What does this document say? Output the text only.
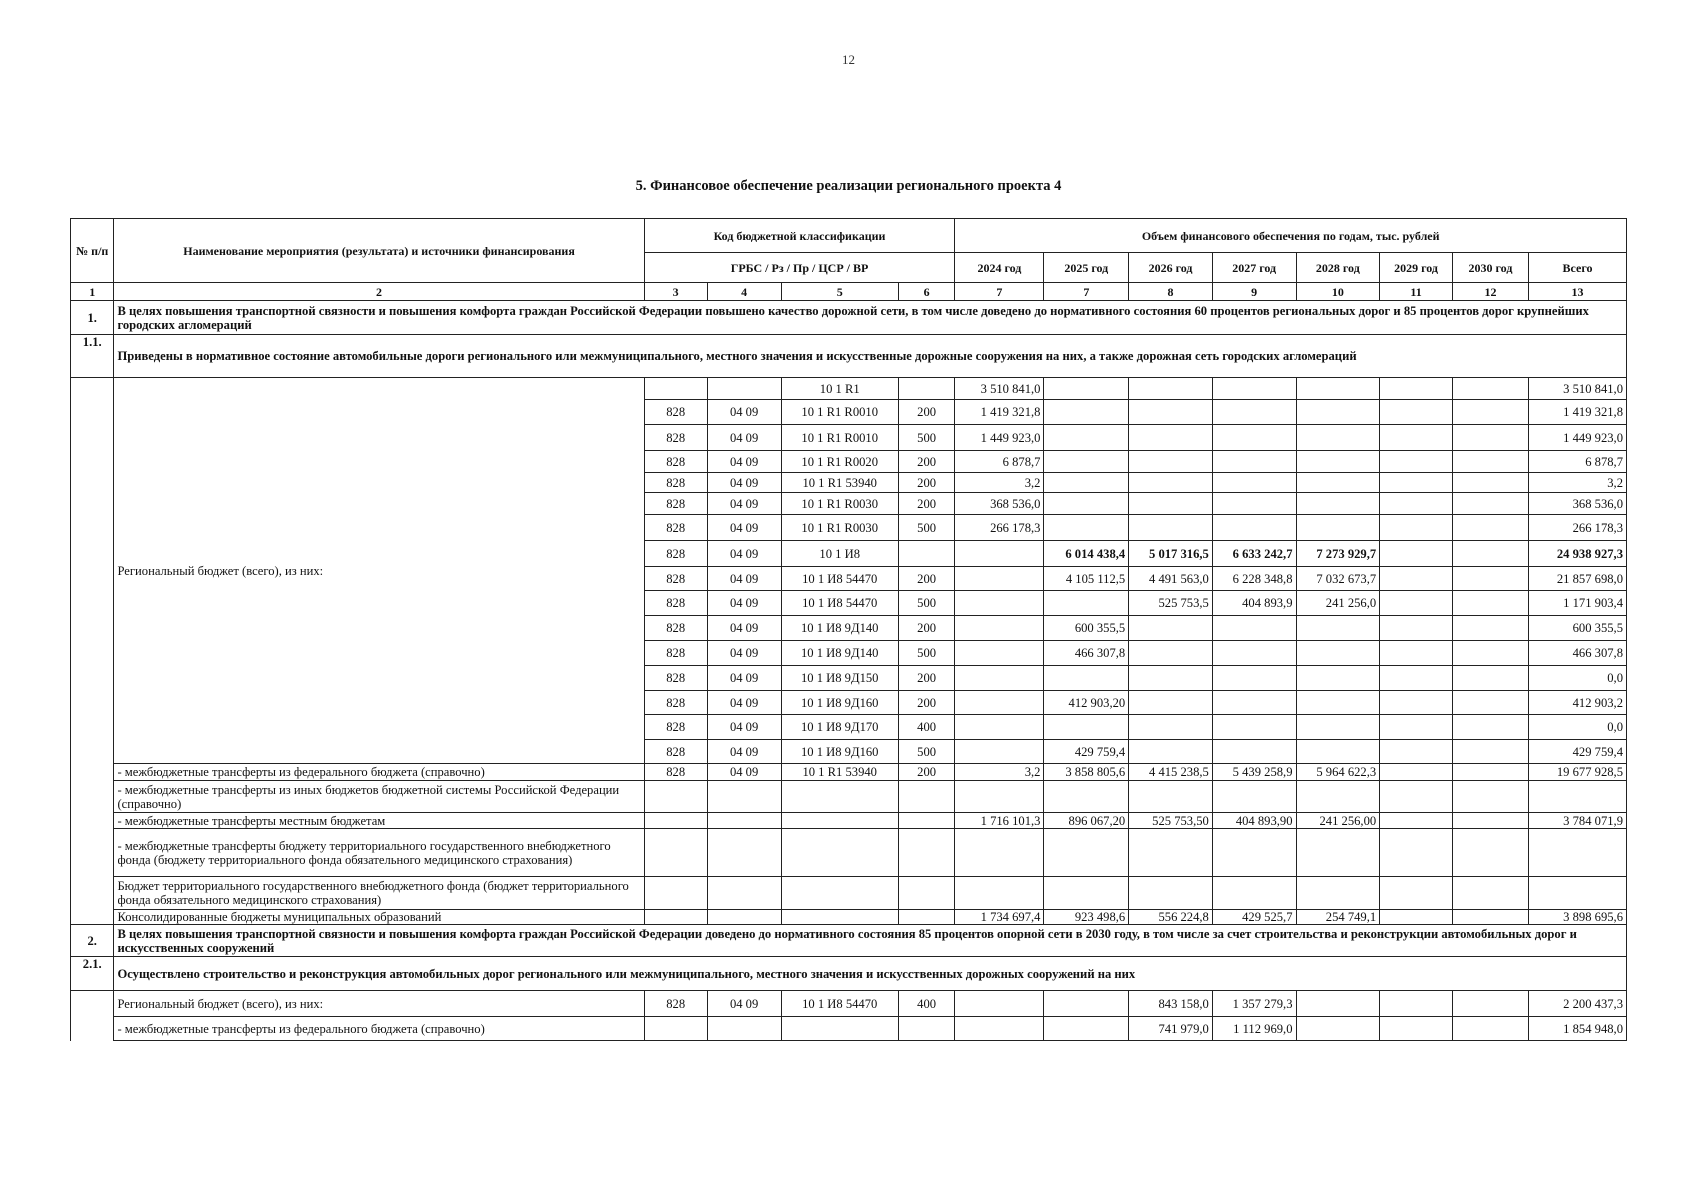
12
5. Финансовое обеспечение реализации регионального проекта 4
№ п/п	Наименование мероприятия (результата) и источники финансирования	Код бюджетной классификации				Объем финансового обеспечения по годам, тыс. рублей							
		ГРБС / Рз / Пр / ЦСР / ВР				2024 год	2025 год	2026 год	2027 год	2028 год	2029 год	2030 год	Всего
1	2	3	4	5	6	7	7	8	9	10	11	12	13
1.	В целях повышения транспортной связности и повышения комфорта граждан Российской Федерации повышено качество дорожной сети, в том числе доведено до нормативного состояния 60 процентов региональных дорог и 85 процентов дорог крупнейших городских агломераций												
1.1.	Приведены в нормативное состояние автомобильные дороги регионального или межмуниципального, местного значения и искусственные дорожные сооружения на них, а также дорожная сеть городских агломераций												
	Региональный бюджет (всего), из них:			10 1 R1		3 510 841,0							3 510 841,0
		828	04 09	10 1 R1 R0010	200	1 419 321,8							1 419 321,8
		828	04 09	10 1 R1 R0010	500	1 449 923,0							1 449 923,0
		828	04 09	10 1 R1 R0020	200	6 878,7							6 878,7
		828	04 09	10 1 R1 53940	200	3,2							3,2
		828	04 09	10 1 R1 R0030	200	368 536,0							368 536,0
		828	04 09	10 1 R1 R0030	500	266 178,3							266 178,3
		828	04 09	10 1 И8			6 014 438,4	5 017 316,5	6 633 242,7	7 273 929,7			24 938 927,3
		828	04 09	10 1 И8 54470	200		4 105 112,5	4 491 563,0	6 228 348,8	7 032 673,7			21 857 698,0
		828	04 09	10 1 И8 54470	500			525 753,5	404 893,9	241 256,0			1 171 903,4
		828	04 09	10 1 И8 9Д140	200		600 355,5						600 355,5
		828	04 09	10 1 И8 9Д140	500		466 307,8						466 307,8
		828	04 09	10 1 И8 9Д150	200								0,0
		828	04 09	10 1 И8 9Д160	200		412 903,20						412 903,2
		828	04 09	10 1 И8 9Д170	400								0,0
		828	04 09	10 1 И8 9Д160	500		429 759,4						429 759,4
	- межбюджетные трансферты из федерального бюджета (справочно)	828	04 09	10 1 R1 53940	200	3,2	3 858 805,6	4 415 238,5	5 439 258,9	5 964 622,3			19 677 928,5
	- межбюджетные трансферты из иных бюджетов бюджетной системы Российской Федерации (справочно)												
	- межбюджетные трансферты местным бюджетам					1 716 101,3	896 067,20	525 753,50	404 893,90	241 256,00			3 784 071,9
	- межбюджетные трансферты бюджету территориального государственного внебюджетного фонда (бюджету территориального фонда обязательного медицинского страхования)												
	Бюджет территориального государственного внебюджетного фонда (бюджет территориального фонда обязательного медицинского страхования)												
	Консолидированные бюджеты муниципальных образований					1 734 697,4	923 498,6	556 224,8	429 525,7	254 749,1			3 898 695,6
2.	В целях повышения транспортной связности и повышения комфорта граждан Российской Федерации доведено до нормативного состояния 85 процентов опорной сети в 2030 году, в том числе за счет строительства и реконструкции автомобильных дорог и искусственных сооружений												
2.1.	Осуществлено строительство и реконструкция автомобильных дорог регионального или межмуниципального, местного значения и искусственных дорожных сооружений на них												
	Региональный бюджет (всего), из них:	828	04 09	10 1 И8 54470	400			843 158,0	1 357 279,3				2 200 437,3
	- межбюджетные трансферты из федерального бюджета (справочно)							741 979,0	1 112 969,0				1 854 948,0
